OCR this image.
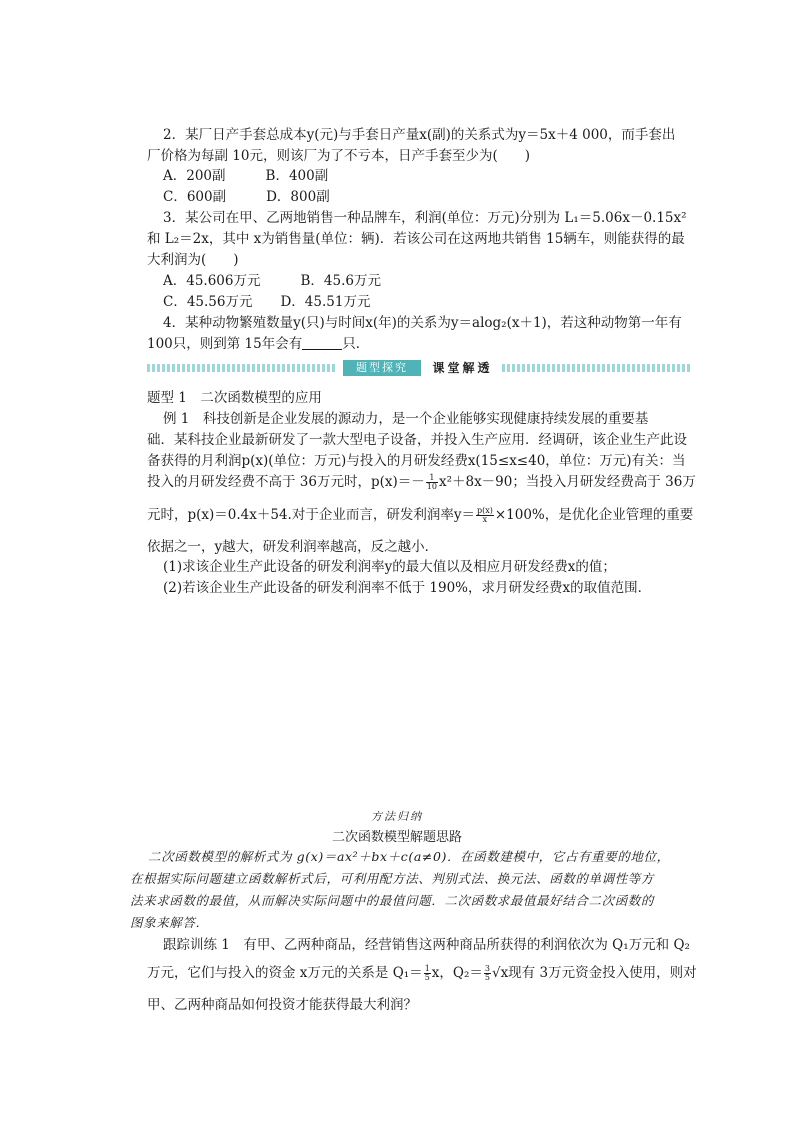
2．某厂日产手套总成本y(元)与手套日产量x(副)的关系式为y＝5x＋4 000，而手套出
厂价格为每副 10元，则该厂为了不亏本，日产手套至少为(　　)
A．200副	B．400副
C．600副	D．800副
3．某公司在甲、乙两地销售一种品牌车，利润(单位：万元)分别为 L₁＝5.06x－0.15x²
和 L₂＝2x，其中 x为销售量(单位：辆)．若该公司在这两地共销售 15辆车，则能获得的最
大利润为(　　)
A．45.606万元	B．45.6万元
C．45.56万元 D．45.51万元
4．某种动物繁殖数量y(只)与时间x(年)的关系为y＝alog₂(x＋1)，若这种动物第一年有
100只，则到第 15年会有	只．
题型探究	课堂解透
题型 1　二次函数模型的应用
例 1　科技创新是企业发展的源动力，是一个企业能够实现健康持续发展的重要基
础．某科技企业最新研发了一款大型电子设备，并投入生产应用．经调研，该企业生产此设
备获得的月利润p(x)(单位：万元)与投入的月研发经费x(15≤x≤40，单位：万元)有关：当
投入的月研发经费不高于 36万元时，$p(x)=- \frac{1}{10} x^2+8x-90$；当投入月研发经费高于 36万
元时，p(x)＝0.4x＋54.对于企业而言，研发利润率$y= \frac{p(x)}{x} \times 100\%$，是优化企业管理的重要
依据之一，y越大，研发利润率越高，反之越小．
(1)求该企业生产此设备的研发利润率y的最大值以及相应月研发经费x的值；
(2)若该企业生产此设备的研发利润率不低于 190%，求月研发经费x的取值范围．
方法归纳
二次函数模型解题思路
二次函数模型的解析式为 g(x)＝ax²＋bx＋c(a≠0)．在函数建模中，它占有重要的地位，
在根据实际问题建立函数解析式后，可利用配方法、判别式法、换元法、函数的单调性等方
法来求函数的最值，从而解决实际问题中的最值问题．二次函数求最值最好结合二次函数的
图象来解答．
跟踪训练 1　有甲、乙两种商品，经营销售这两种商品所获得的利润依次为 Q₁万元和 Q₂
万元，它们与投入的资金 x万元的关系是 $Q_1= \frac{1}{5}$ x，$Q_2= \frac{3}{5} √x$现有 3万元资金投入使用，则对
甲、乙两种商品如何投资才能获得最大利润？
